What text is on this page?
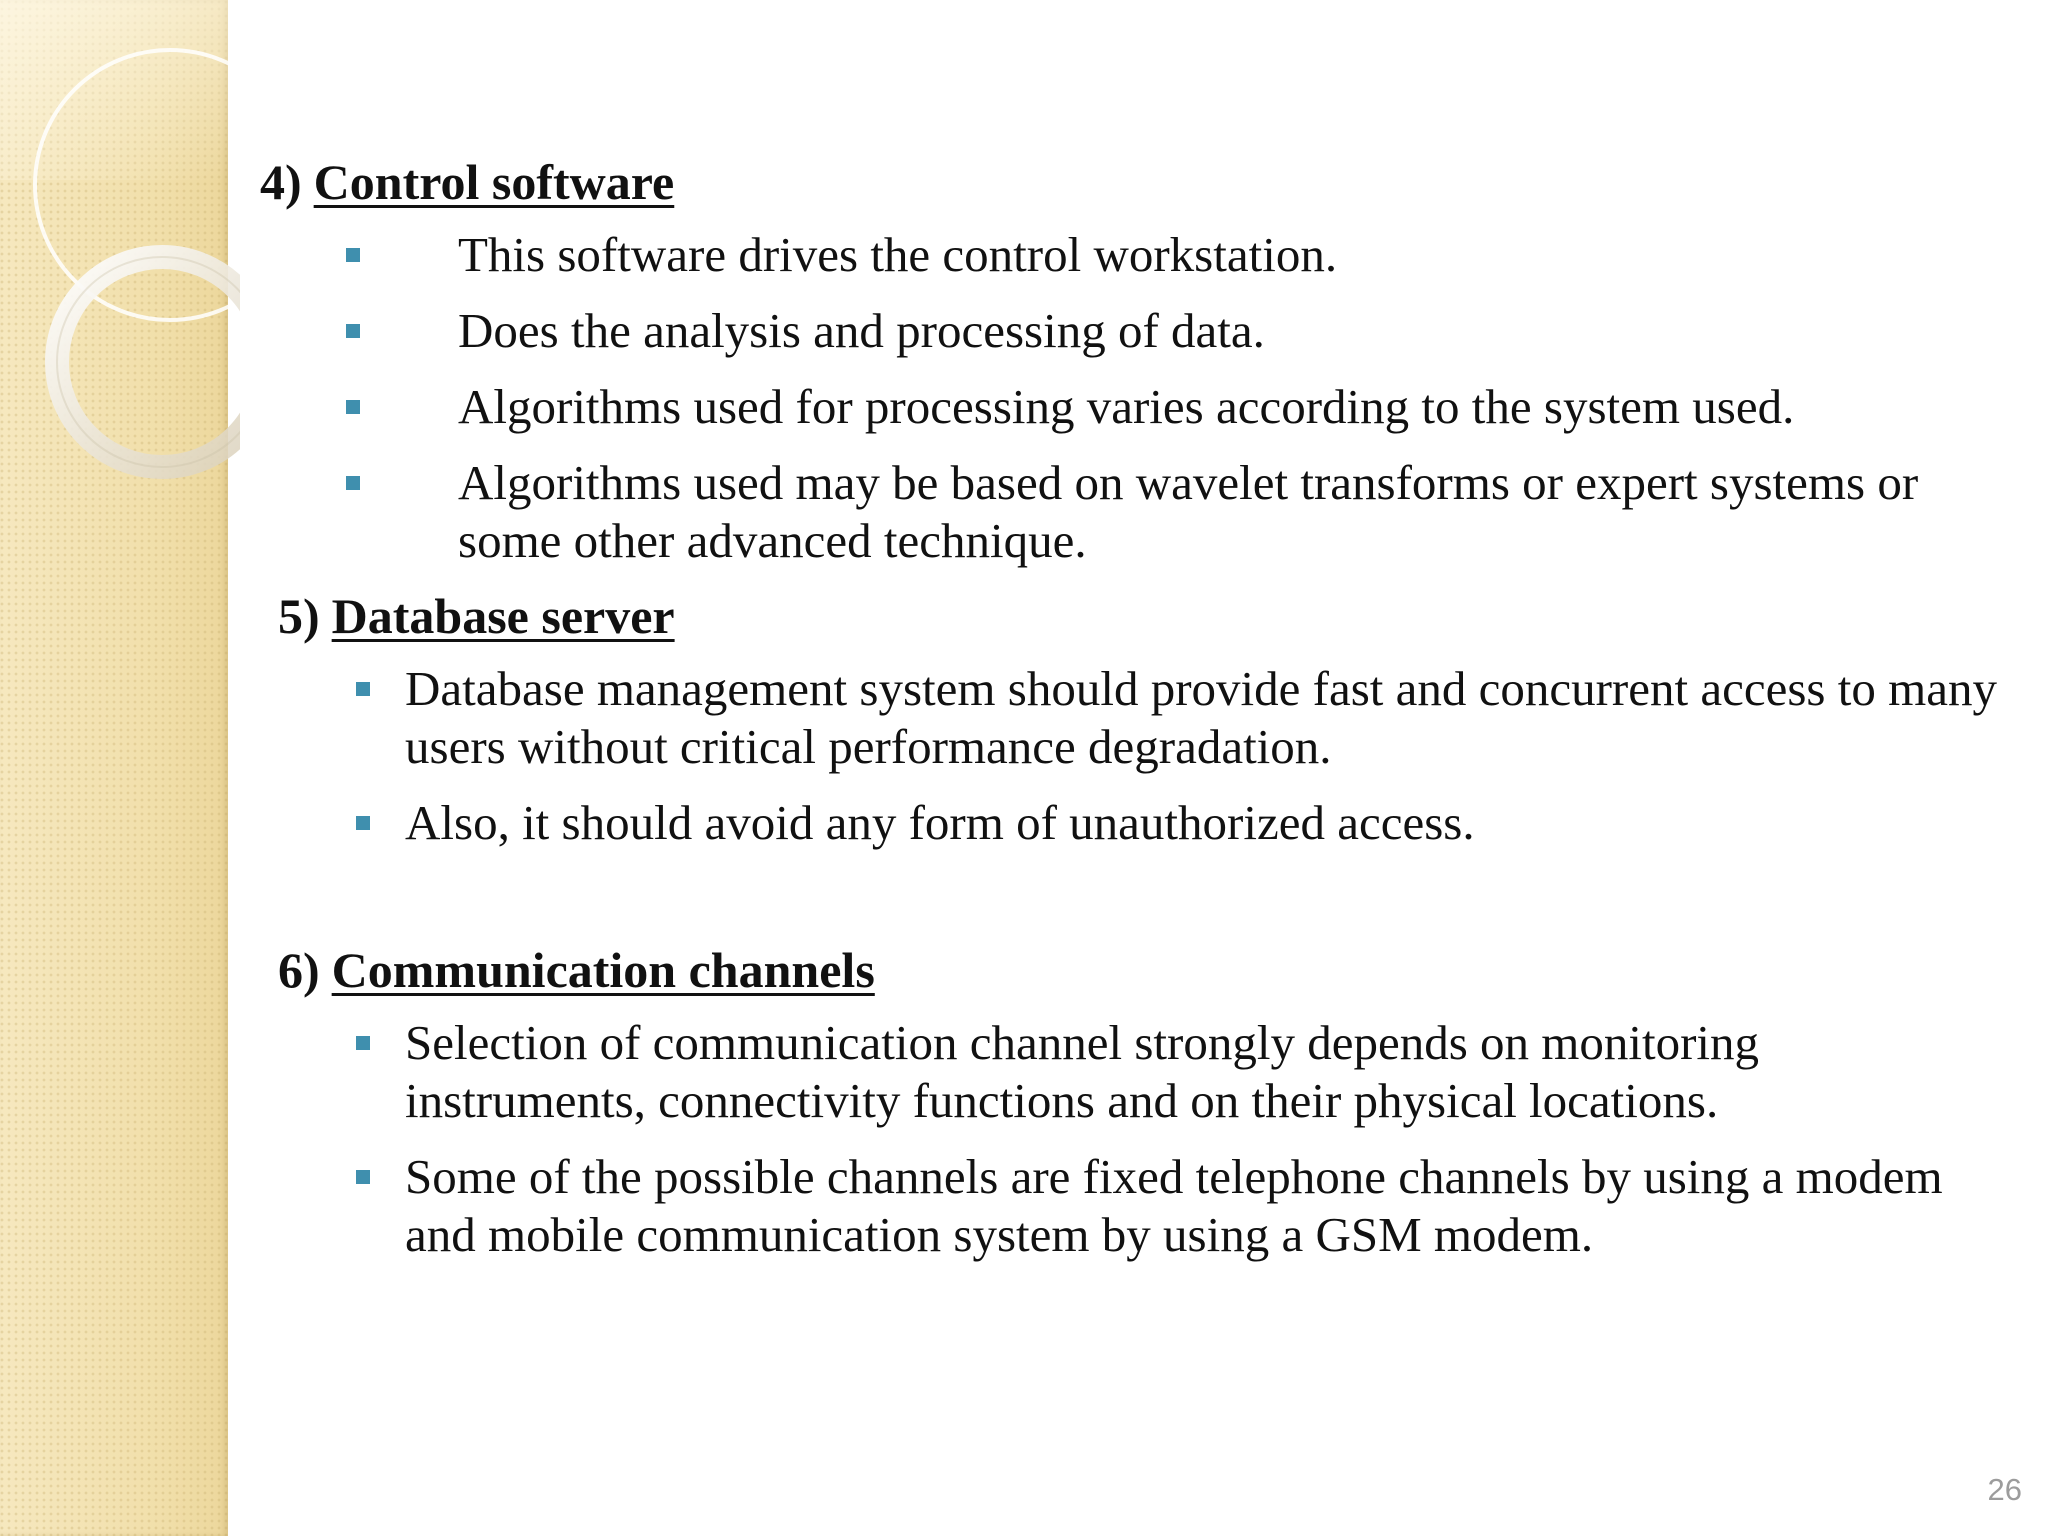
4) Control software
This software drives the control workstation.
Does the analysis and processing of data.
Algorithms used for processing varies according to the system used.
Algorithms used may be based on wavelet transforms or expert systems or some other advanced technique.
5) Database server
Database management system should provide fast and concurrent access to many users without critical performance degradation.
Also, it should avoid any form of unauthorized access.
6) Communication channels
Selection of communication channel strongly depends on monitoring instruments, connectivity functions and on their physical locations.
Some of the possible channels are fixed telephone channels by using a modem and mobile communication system by using a GSM modem.
26
